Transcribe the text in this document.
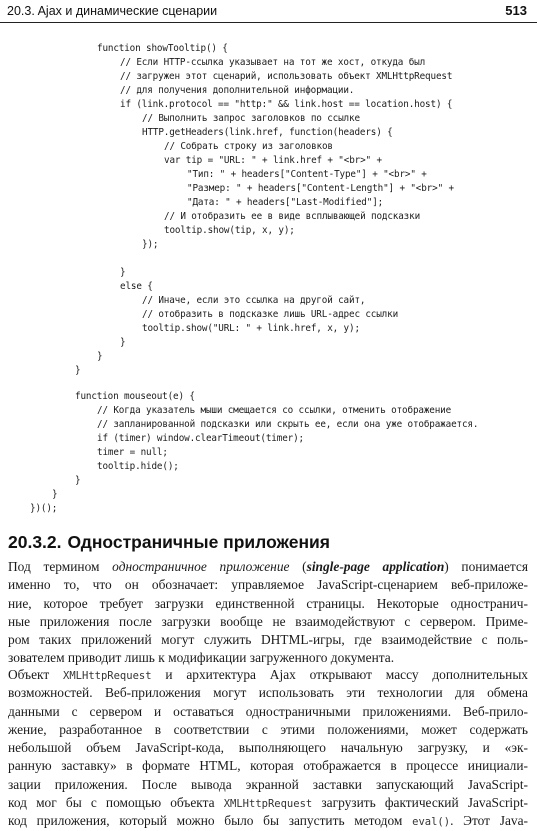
20.3. Ajax и динамические сценарии	513
function showTooltip() {
// Если HTTP-ссылка указывает на тот же хост, откуда был
// загружен этот сценарий, использовать объект XMLHttpRequest
// для получения дополнительной информации.
if (link.protocol == "http:" && link.host == location.host) {
// Выполнить запрос заголовков по ссылке
HTTP.getHeaders(link.href, function(headers) {
// Собрать строку из заголовков
var tip = "URL: " + link.href + "<br>" +
"Тип: " + headers["Content-Type"] + "<br>" +
"Размер: " + headers["Content-Length"] + "<br>" +
"Дата: " + headers["Last-Modified"];
// И отобразить ее в виде всплывающей подсказки
tooltip.show(tip, x, y);
});
}
else {
// Иначе, если это ссылка на другой сайт,
// отобразить в подсказке лишь URL-адрес ссылки
tooltip.show("URL: " + link.href, x, y);
}
}
}
function mouseout(e) {
// Когда указатель мыши смещается со ссылки, отменить отображение
// запланированной подсказки или скрыть ее, если она уже отображается.
if (timer) window.clearTimeout(timer);
timer = null;
tooltip.hide();
}
}
})();
20.3.2. Одностраничные приложения
Под термином одностраничное приложение (single-page application) понимается
именно то, что он обозначает: управляемое JavaScript-сценарием веб-приложе-
ние, которое требует загрузки единственной страницы. Некоторые одностранич-
ные приложения после загрузки вообще не взаимодействуют с сервером. Приме-
ром таких приложений могут служить DHTML-игры, где взаимодействие с поль-
зователем приводит лишь к модификации загруженного документа.
Объект XMLHttpRequest и архитектура Ajax открывают массу дополнительных
возможностей. Веб-приложения могут использовать эти технологии для обмена
данными с сервером и оставаться одностраничными приложениями. Веб-прило-
жение, разработанное в соответствии с этими положениями, может содержать
небольшой объем JavaScript-кода, выполняющего начальную загрузку, и «эк-
ранную заставку» в формате HTML, которая отображается в процессе инициали-
зации приложения. После вывода экранной заставки запускающий JavaScript-
код мог бы с помощью объекта XMLHttpRequest загрузить фактический JavaScript-
код приложения, который можно было бы запустить методом eval(). Этот Java-
